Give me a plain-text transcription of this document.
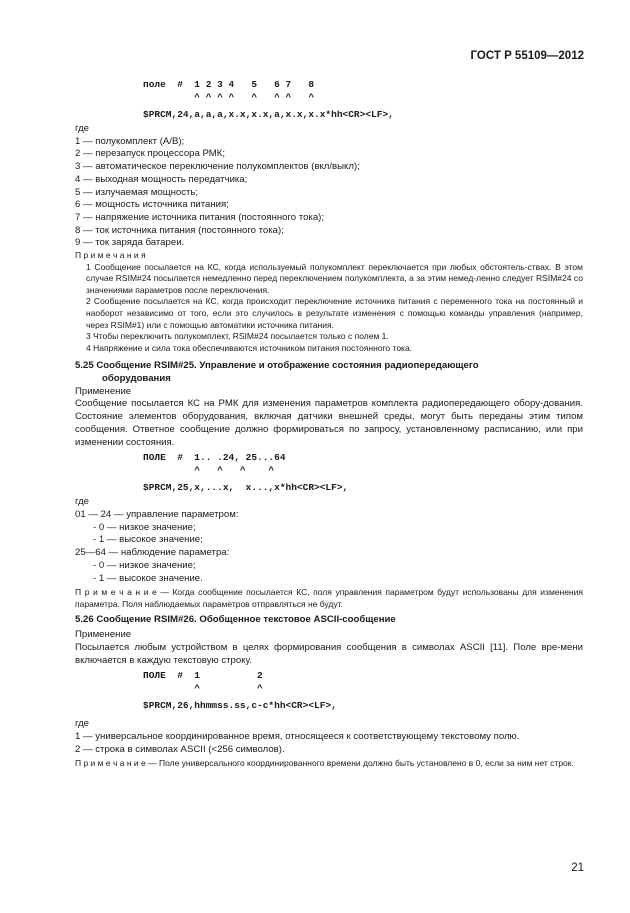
ГОСТ Р 55109—2012
поле  #  1 2 3 4   5   6 7   8
^ ^ ^ ^   ^   ^ ^   ^
$PRCM,24,a,a,a,x.x,x.x,a,x.x,x.x*hh<CR><LF>,

где

1 — полукомплект (A/B);

2 — перезапуск процессора РМК;

3 — автоматическое переключение полукомплектов (вкл/выкл);

4 — выходная мощность передатчика;

5 — излучаемая мощность;

6 — мощность источника питания;

7 — напряжение источника питания (постоянного тока);

8 — ток источника питания (постоянного тока);

9 — ток заряда батареи.

П р и м е ч а н и я

1 Сообщение посылается на КС, когда используемый полукомплект переключается при любых обстоятель-ствах. В этом случае RSIM#24 посылается немедленно перед переключением полукомплекта, а за этим немед-ленно следует RSIM#24 со значениями параметров после переключения.

2 Сообщение посылается на КС, когда происходит переключение источника питания с переменного тока на постоянный и наоборот независимо от того, если это случилось в результате изменения с помощью команды управления (например, через RSIM#1) или с помощью автоматики источника питания.

3 Чтобы переключить полукомплект, RSIM#24 посылается только с полем 1.

4 Напряжение и сила тока обеспечиваются источником питания постоянного тока.

5.25 Сообщение RSIM#25. Управление и отображение состояния радиопередающего

оборудования

Применение

Сообщение посылается КС на РМК для изменения параметров комплекта радиопередающего обору-дования. Состояние элементов оборудования, включая датчики внешней среды, могут быть переданы этим типом сообщения. Ответное сообщение должно формироваться по запросу, установленному расписанию, или при изменении состояния.

ПОЛЕ  #  1.. .24, 25...64
^   ^   ^    ^
$PRCM,25,x,...x,  x...,x*hh<CR><LF>,

где

01 — 24 — управление параметром:

- 0 — низкое значение;

- 1 — высокое значение;

25—64 — наблюдение параметра:

- 0 — низкое значение;

- 1 — высокое значение.

П р и м е ч а н и е — Когда сообщение посылается КС, поля управления параметром будут использованы для изменения параметра. Поля наблюдаемых параметров отправляться не будут.

5.26 Сообщение RSIM#26. Обобщенное текстовое ASCII-сообщение

Применение

Посылается любым устройством в целях формирования сообщения в символах ASCII [11]. Поле вре-мени включается в каждую текстовую строку.

ПОЛЕ  #  1          2
^          ^
$PRCM,26,hhmmss.ss,c-c*hh<CR><LF>,

где

1 — универсальное координированное время, относящееся к соответствующему текстовому полю.

2 — строка в символах ASCII (<256 символов).

П р и м е ч а н и е — Поле универсального координированного времени должно быть установлено в 0, если за ним нет строк.

21
